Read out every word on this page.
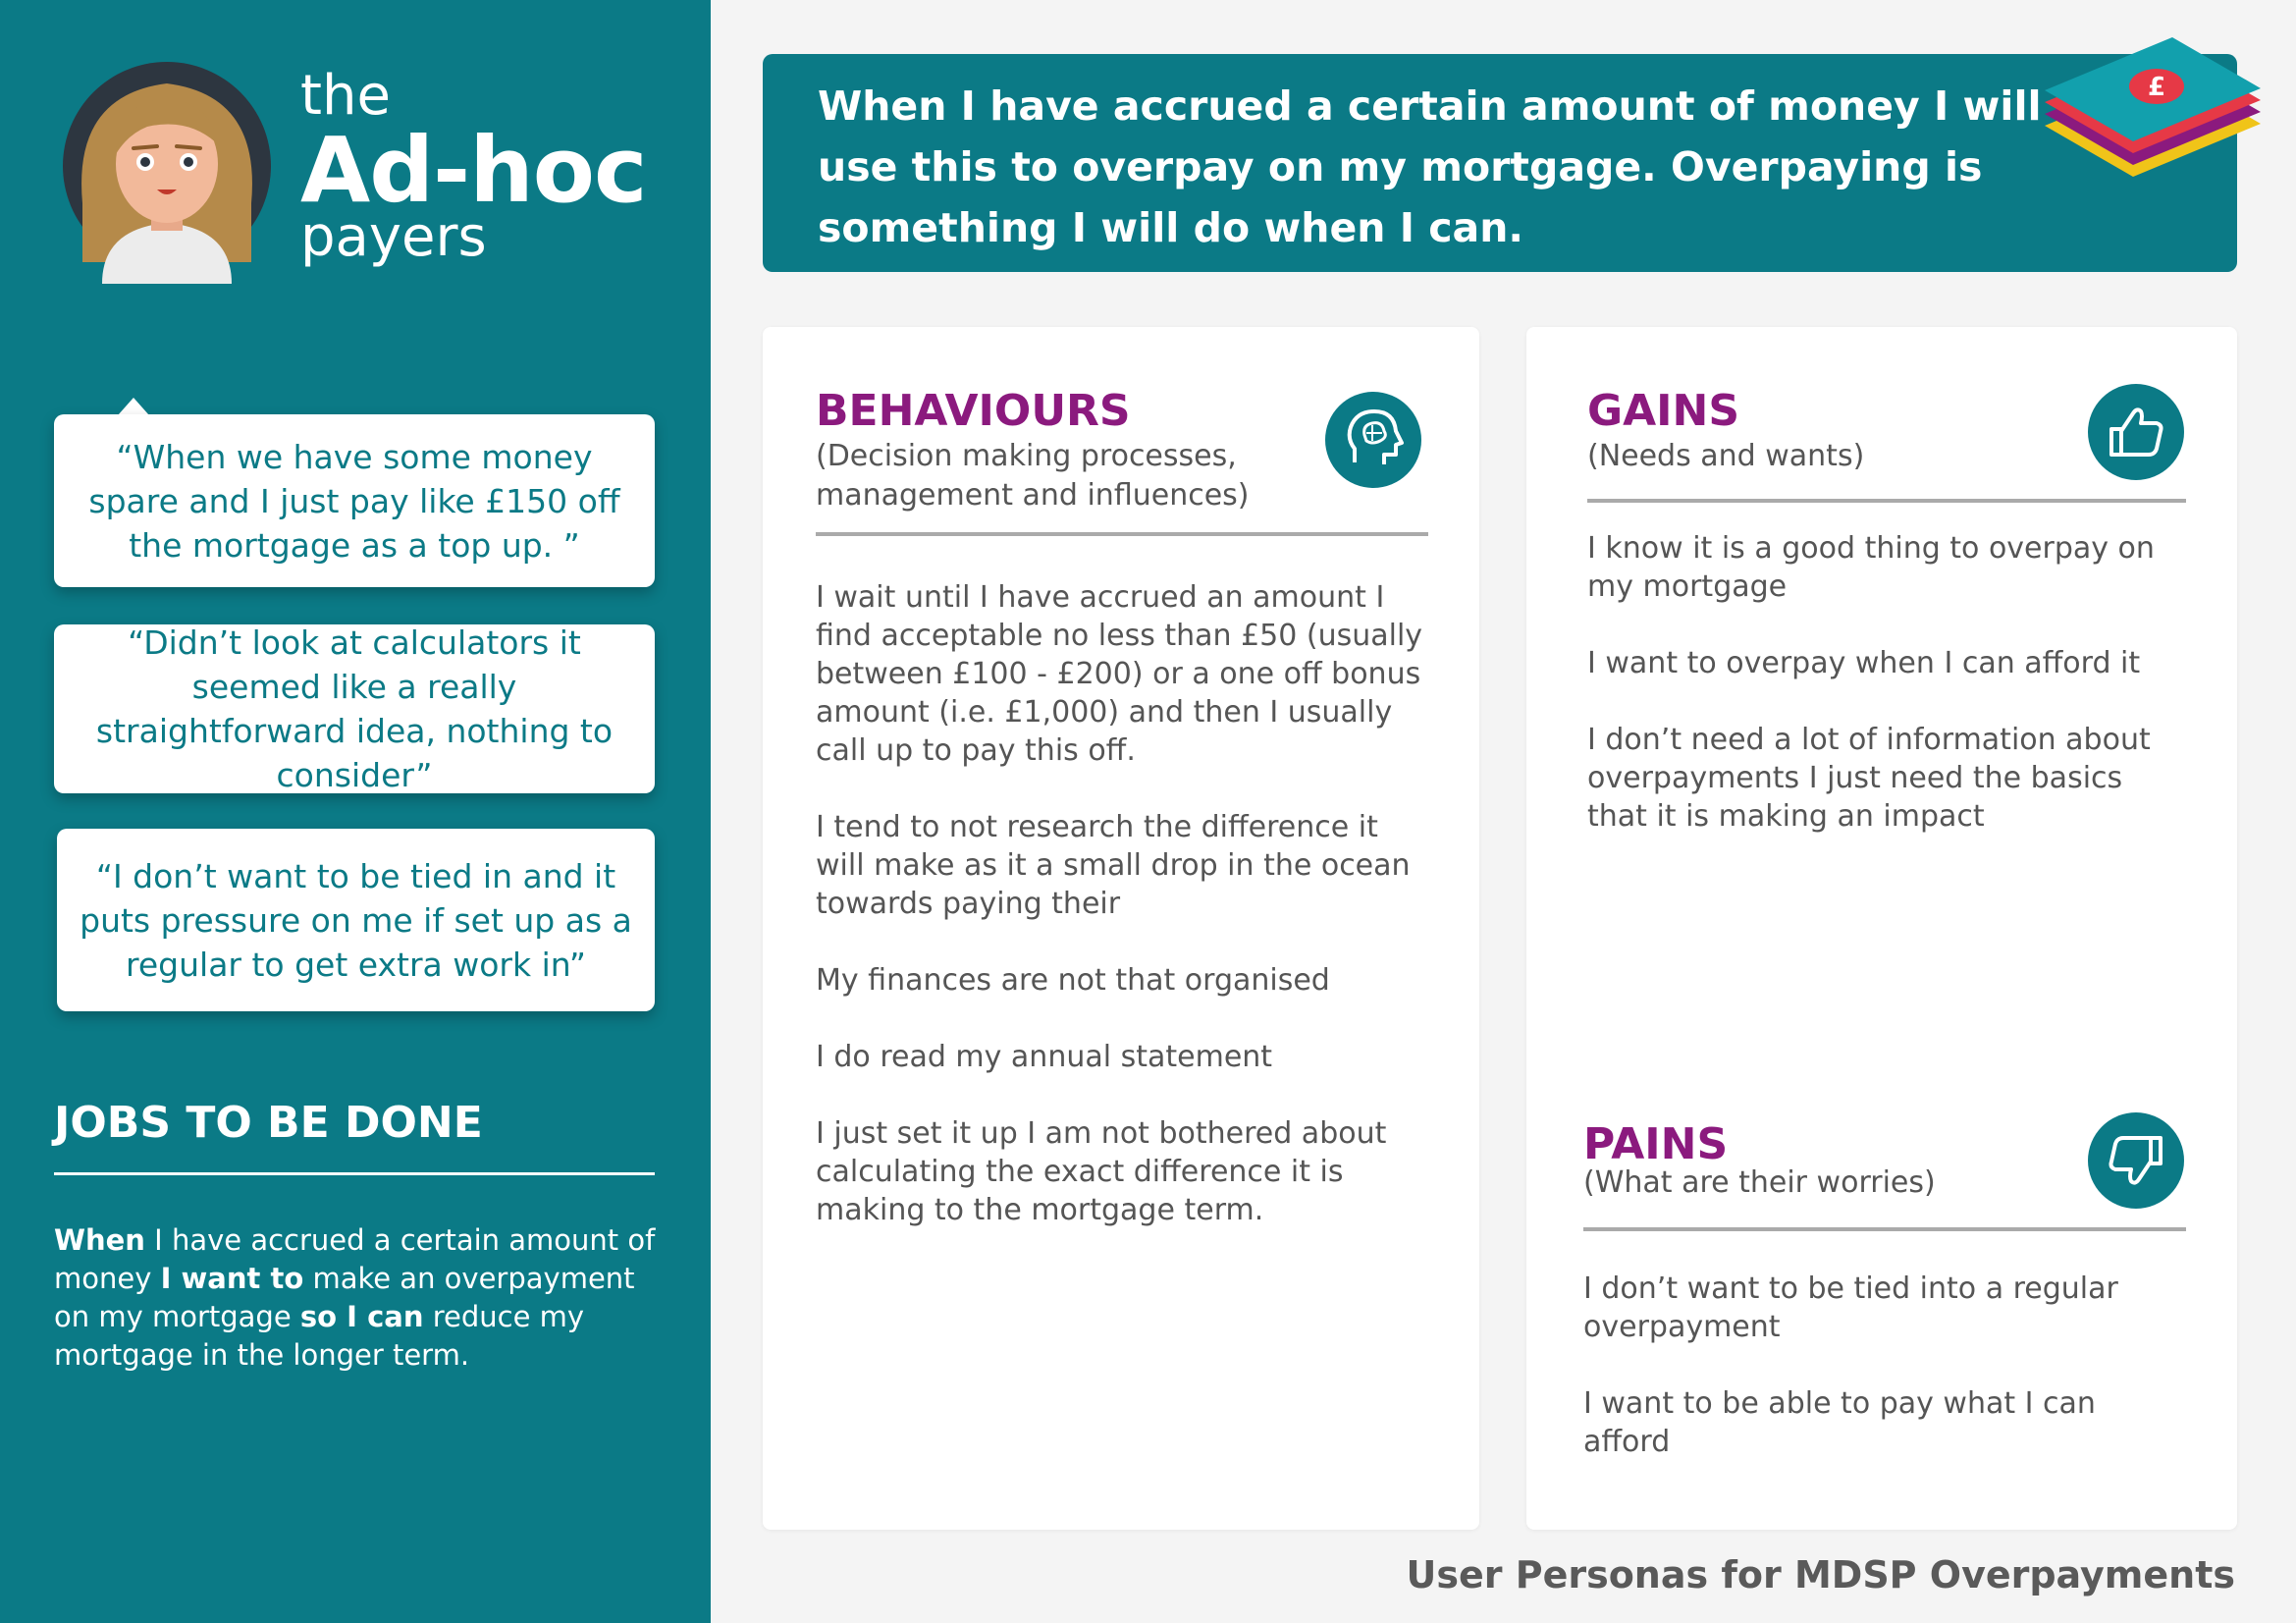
the
Ad-hoc
payers
“When we have some money spare and I just pay like £150 off the mortgage as a top up. ”
“Didn’t look at calculators it seemed like a really straightforward idea, nothing to consider”
“I don’t want to be tied in and it puts pressure on me if set up as a regular to get extra work in”
JOBS TO BE DONE
When I have accrued a certain amount of money I want to make an overpayment on my mortgage so I can reduce my mortgage in the longer term.
When I have accrued a certain amount of money I will use this to overpay on my mortgage. Overpaying is something I will do when I can.
£
BEHAVIOURS
(Decision making processes, management and influences)
I wait until I have accrued an amount I find acceptable no less than £50 (usually between £100 - £200) or a one off bonus amount (i.e. £1,000) and then I usually call up to pay this off.
I tend to not research the difference it will make as it a small drop in the ocean towards paying their
My finances are not that organised
I do read my annual statement
I just set it up I am not bothered about calculating the exact difference it is making to the mortgage term.
GAINS
(Needs and wants)
I know it is a good thing to overpay on my mortgage
I want to overpay when I can afford it
I don’t need a lot of information about overpayments I just need the basics that it is making an impact
PAINS
(What are their worries)
I don’t want to be tied into a regular overpayment
I want to be able to pay what I can afford
User Personas for MDSP Overpayments
